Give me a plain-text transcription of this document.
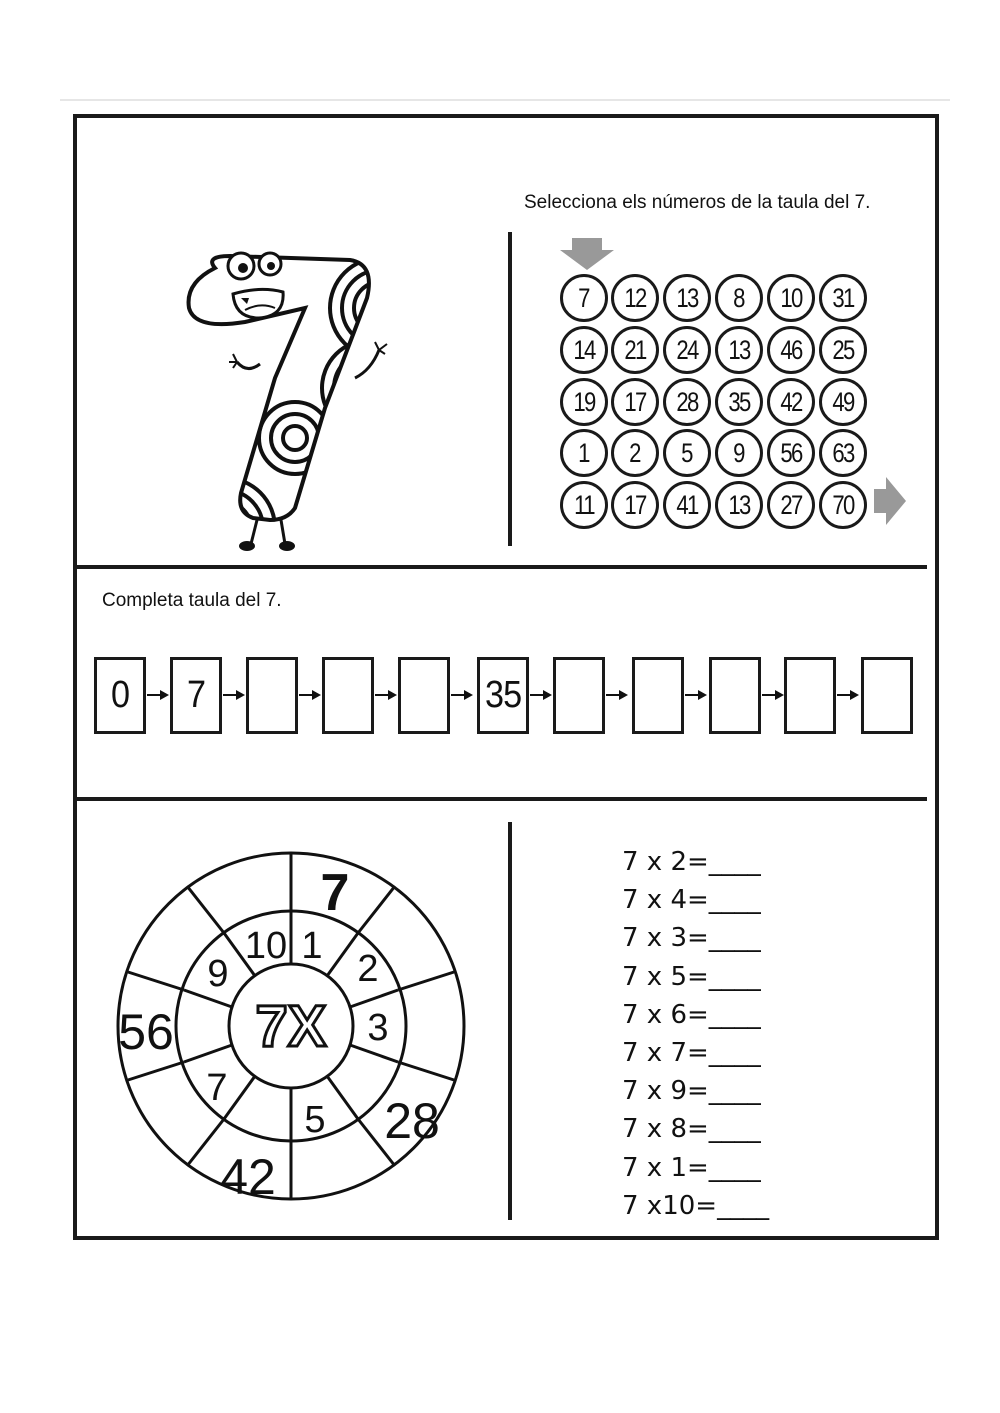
Selecciona els números de la taula del 7.
7 12 13 8 10 31
14 21 24 13 46 25
19 17 28 35 42 49
1 2 5 9 56 63
11 17 41 13 27 70
Completa taula del 7.
0 7	35
7X
1
2
3
5
7
9
10
7
28
42
56
7 x 2=____
7 x 4=____
7 x 3=____
7 x 5=____
7 x 6=____
7 x 7=____
7 x 9=____
7 x 8=____
7 x 1=____
7 x10=____
